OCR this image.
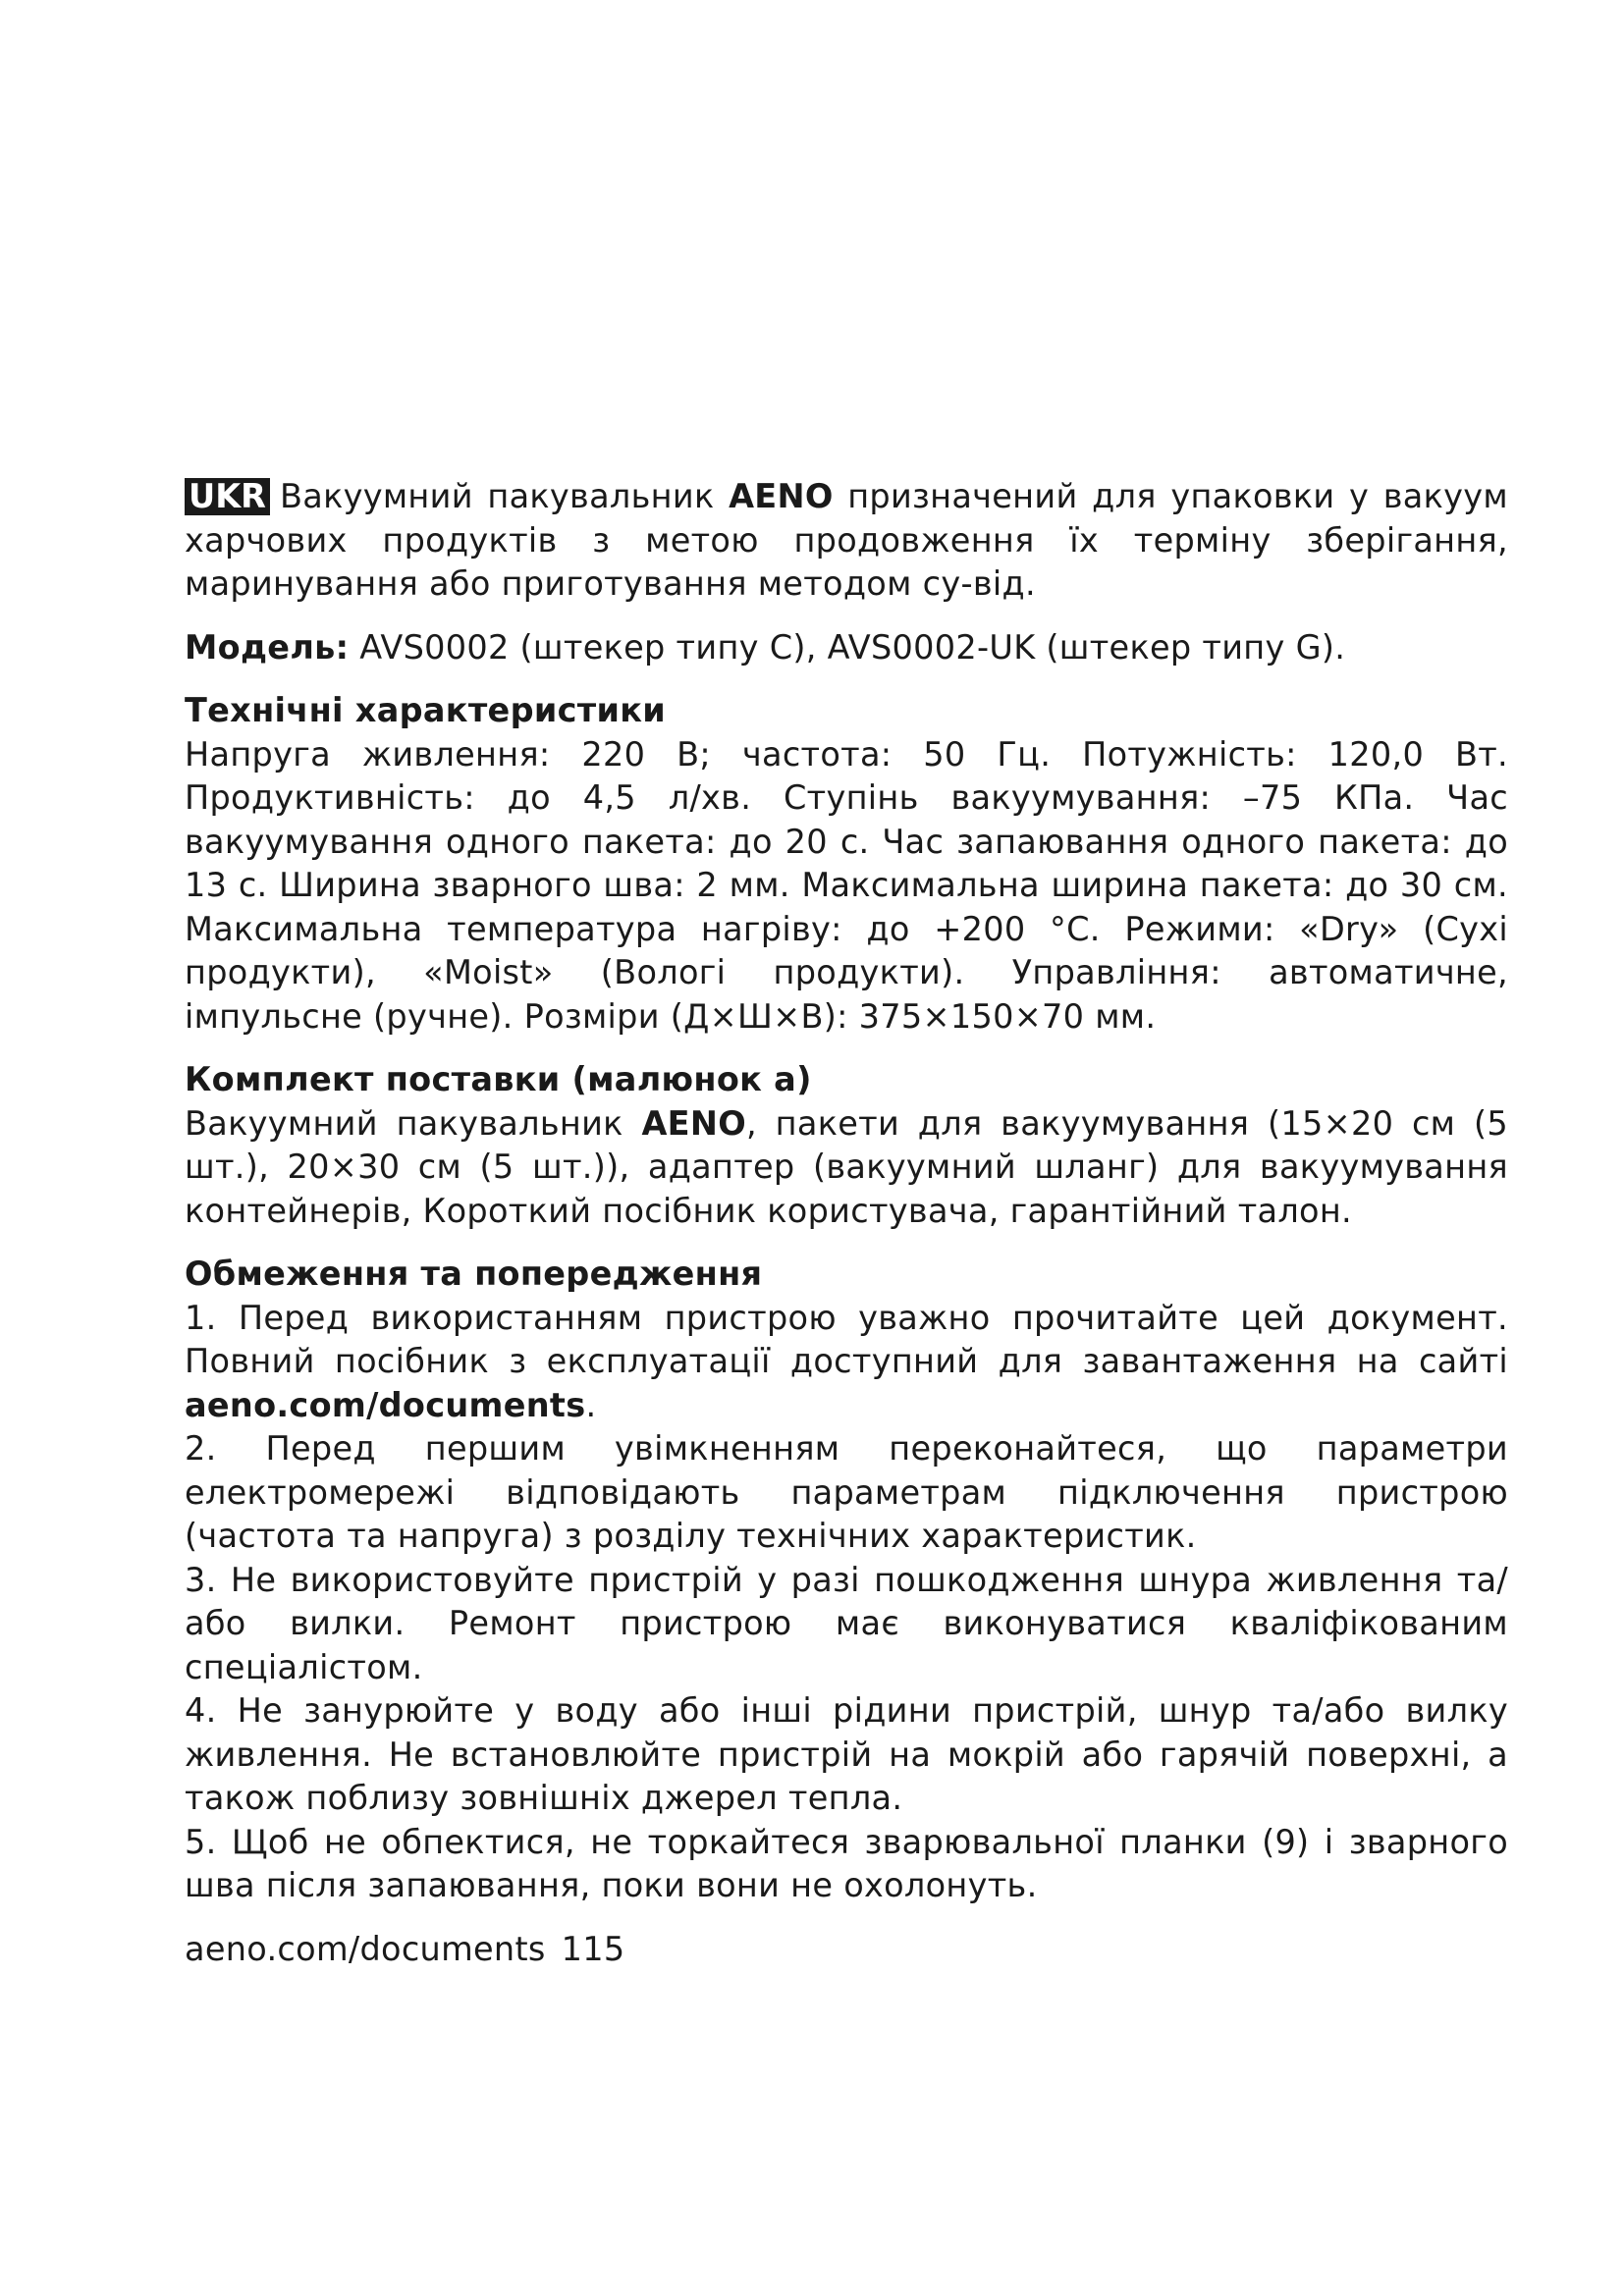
UKR Вакуумний пакувальник AENO призначений для упаковки у вакуум харчових продуктів з метою продовження їх терміну зберігання, маринування або приготування методом су-від.

Модель: AVS0002 (штекер типу C), AVS0002-UK (штекер типу G).

Технічні характеристики

Напруга живлення: 220 В; частота: 50 Гц. Потужність: 120,0 Вт. Продуктивність: до 4,5 л/хв. Ступінь вакуумування: –75 КПа. Час вакуумування одного пакета: до 20 с. Час запаювання одного пакета: до 13 с. Ширина зварного шва: 2 мм. Максимальна ширина пакета: до 30 см. Максимальна температура нагріву: до +200 °C. Режими: «Dry» (Сухі продукти), «Moist» (Вологі продукти). Управління: автоматичне, імпульсне (ручне). Розміри (Д×Ш×В): 375×150×70 мм.

Комплект поставки (малюнок а)

Вакуумний пакувальник AENO, пакети для вакуумування (15×20 см (5 шт.), 20×30 см (5 шт.)), адаптер (вакуумний шланг) для вакуумування контейнерів, Короткий посібник користувача, гарантійний талон.

Обмеження та попередження

1. Перед використанням пристрою уважно прочитайте цей документ. Повний посібник з експлуатації доступний для завантаження на сайті aeno.com/documents.

2. Перед першим увімкненням переконайтеся, що параметри електромережі відповідають параметрам підключення пристрою (частота та напруга) з розділу технічних характеристик.

3. Не використовуйте пристрій у разі пошкодження шнура живлення та/або вилки. Ремонт пристрою має виконуватися кваліфікованим спеціалістом.

4. Не занурюйте у воду або інші рідини пристрій, шнур та/або вилку живлення. Не встановлюйте пристрій на мокрій або гарячій поверхні, а також поблизу зовнішніх джерел тепла.

5. Щоб не обпектися, не торкайтеся зварювальної планки (9) і зварного шва після запаювання, поки вони не охолонуть.

aeno.com/documents 115
